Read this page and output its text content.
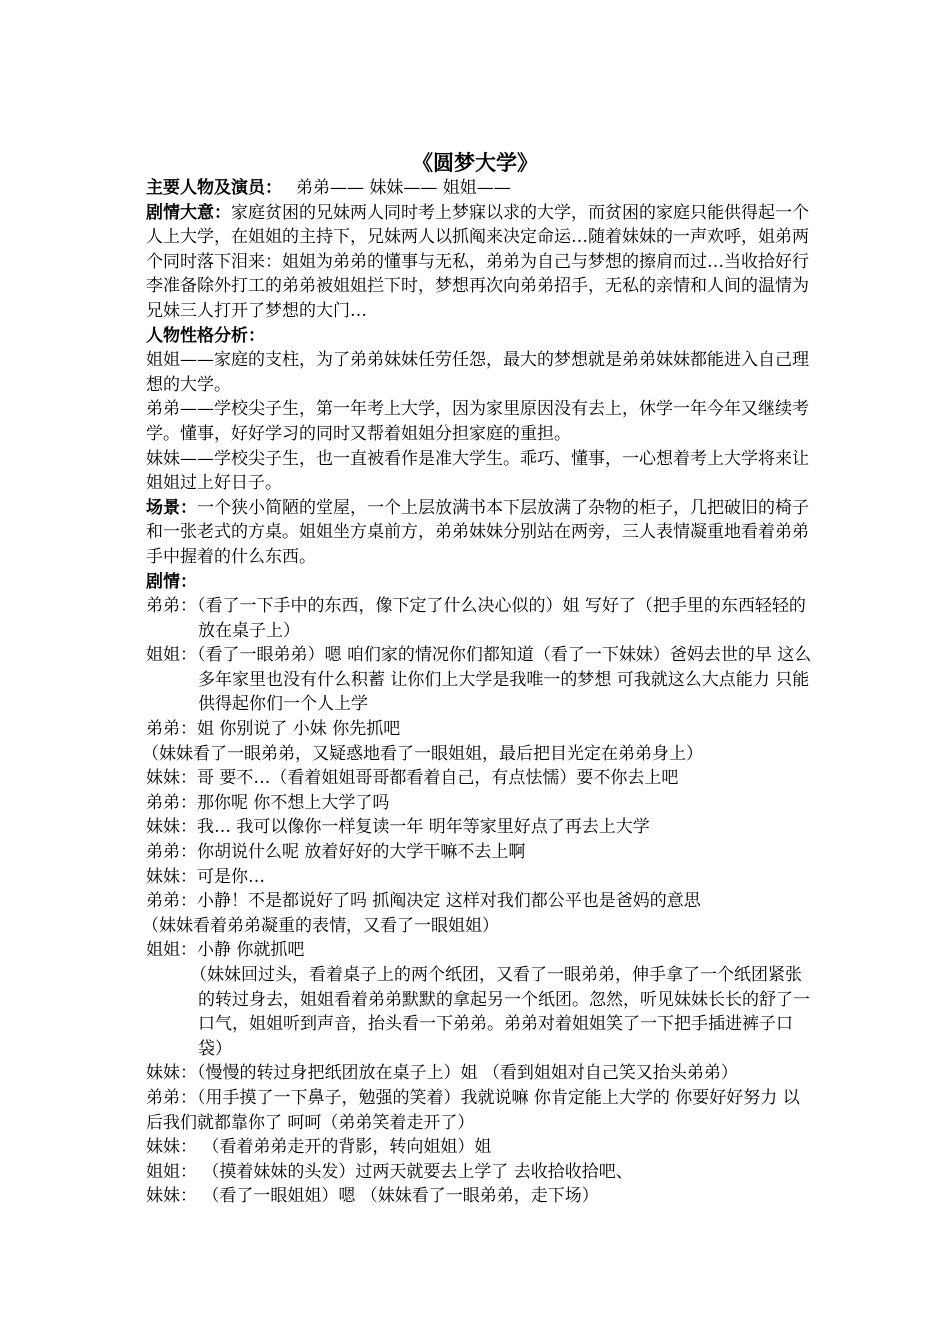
《圆梦大学》

主要人物及演员： 弟弟—— 妹妹—— 姐姐——

剧情大意：家庭贫困的兄妹两人同时考上梦寐以求的大学，而贫困的家庭只能供得起一个人上大学，在姐姐的主持下，兄妹两人以抓阄来决定命运…随着妹妹的一声欢呼，姐弟两个同时落下泪来：姐姐为弟弟的懂事与无私，弟弟为自己与梦想的擦肩而过…当收拾好行李准备除外打工的弟弟被姐姐拦下时，梦想再次向弟弟招手，无私的亲情和人间的温情为兄妹三人打开了梦想的大门…

人物性格分析：

姐姐——家庭的支柱，为了弟弟妹妹任劳任怨，最大的梦想就是弟弟妹妹都能进入自己理想的大学。

弟弟——学校尖子生，第一年考上大学，因为家里原因没有去上，休学一年今年又继续考学。懂事，好好学习的同时又帮着姐姐分担家庭的重担。

妹妹——学校尖子生，也一直被看作是准大学生。乖巧、懂事，一心想着考上大学将来让姐姐过上好日子。

场景：一个狭小简陋的堂屋，一个上层放满书本下层放满了杂物的柜子，几把破旧的椅子和一张老式的方桌。姐姐坐方桌前方，弟弟妹妹分别站在两旁，三人表情凝重地看着弟弟手中握着的什么东西。

剧情：

弟弟：（看了一下手中的东西，像下定了什么决心似的）姐 写好了（把手里的东西轻轻的放在桌子上）

姐姐：（看了一眼弟弟）嗯 咱们家的情况你们都知道（看了一下妹妹）爸妈去世的早 这么多年家里也没有什么积蓄 让你们上大学是我唯一的梦想 可我就这么大点能力 只能供得起你们一个人上学

弟弟：姐 你别说了 小妹 你先抓吧

（妹妹看了一眼弟弟，又疑惑地看了一眼姐姐，最后把目光定在弟弟身上）

妹妹：哥 要不…（看着姐姐哥哥都看着自己，有点怯懦）要不你去上吧

弟弟：那你呢 你不想上大学了吗

妹妹：我… 我可以像你一样复读一年 明年等家里好点了再去上大学

弟弟：你胡说什么呢 放着好好的大学干嘛不去上啊

妹妹：可是你…

弟弟：小静！不是都说好了吗 抓阄决定 这样对我们都公平也是爸妈的意思

（妹妹看着弟弟凝重的表情，又看了一眼姐姐）

姐姐：小静 你就抓吧

（妹妹回过头，看着桌子上的两个纸团，又看了一眼弟弟，伸手拿了一个纸团紧张的转过身去，姐姐看着弟弟默默的拿起另一个纸团。忽然，听见妹妹长长的舒了一口气，姐姐听到声音，抬头看一下弟弟。弟弟对着姐姐笑了一下把手插进裤子口袋）

妹妹：（慢慢的转过身把纸团放在桌子上）姐 （看到姐姐对自己笑又抬头弟弟）

弟弟：（用手摸了一下鼻子，勉强的笑着）我就说嘛 你肯定能上大学的 你要好好努力 以后我们就都靠你了 呵呵（弟弟笑着走开了）

妹妹： （看着弟弟走开的背影，转向姐姐）姐

姐姐： （摸着妹妹的头发）过两天就要去上学了 去收拾收拾吧、

妹妹： （看了一眼姐姐）嗯 （妹妹看了一眼弟弟，走下场）
